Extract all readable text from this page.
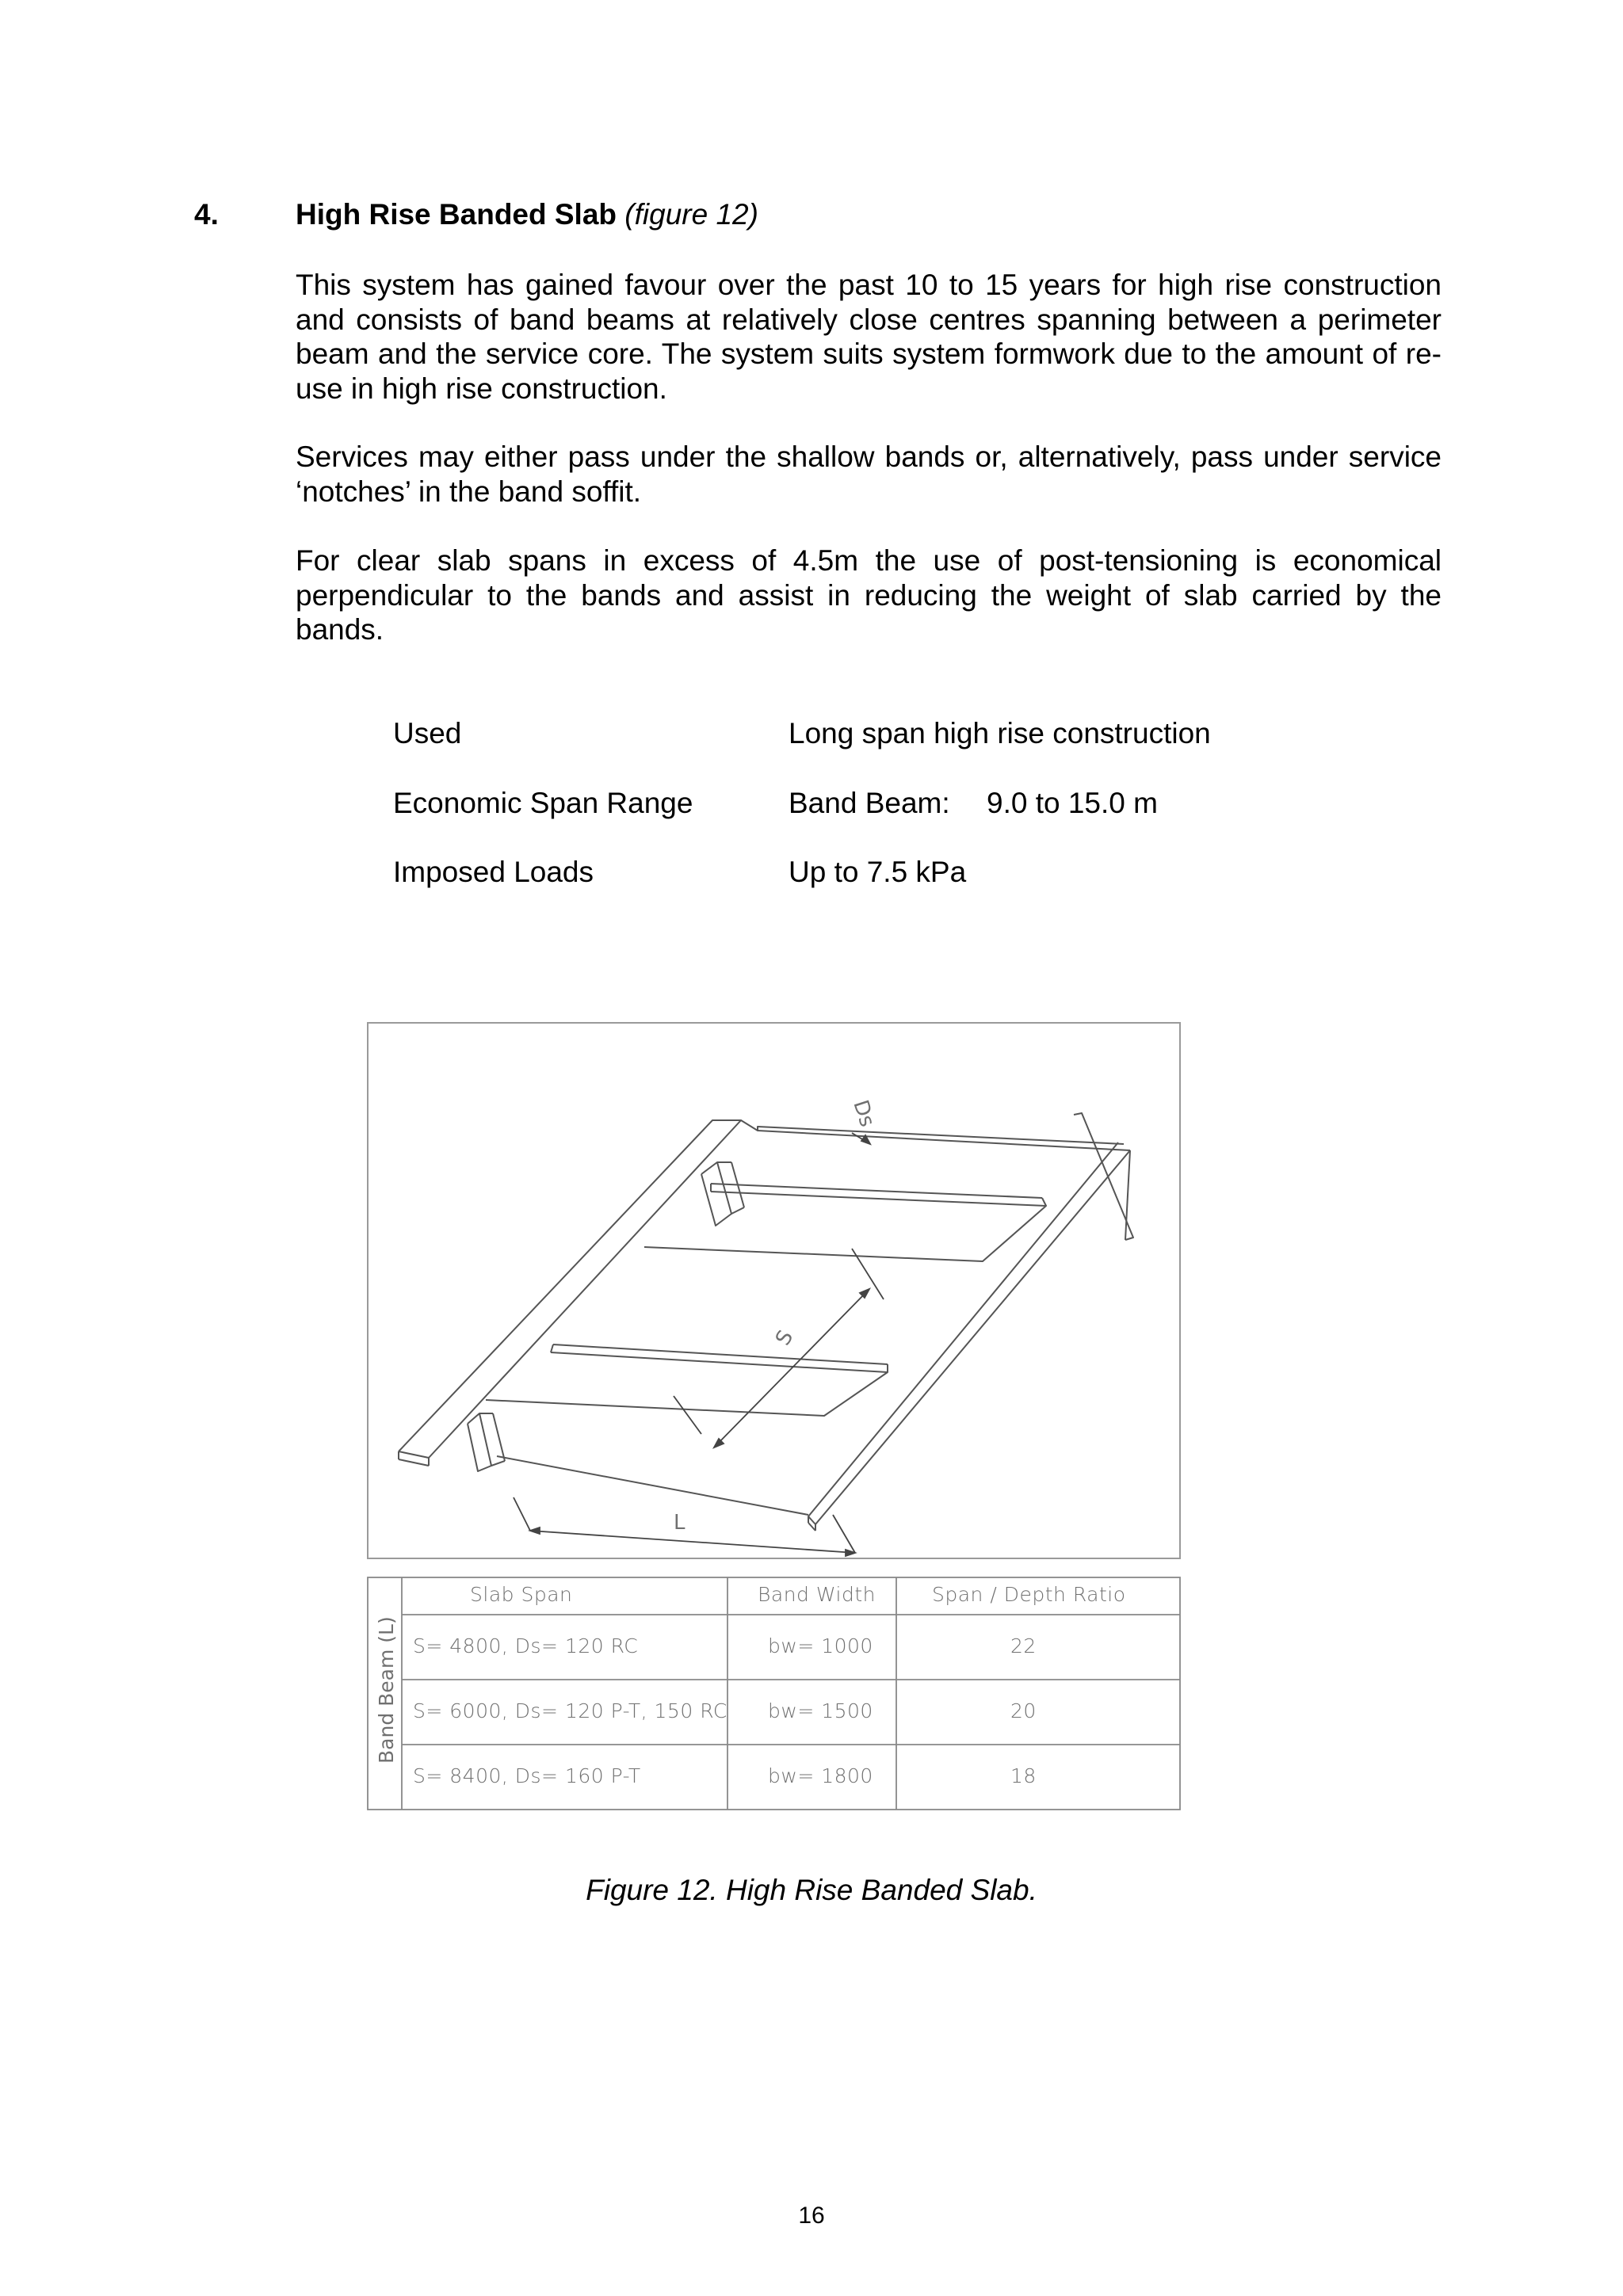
4.	High Rise Banded Slab (figure 12)

This system has gained favour over the past 10 to 15 years for high rise construction and consists of band beams at relatively close centres spanning between a perimeter beam and the service core. The system suits system formwork due to the amount of re-use in high rise construction.

Services may either pass under the shallow bands or, alternatively, pass under service ‘notches’ in the band soffit.

For clear slab spans in excess of 4.5m the use of post-tensioning is economical perpendicular to the bands and assist in reducing the weight of slab carried by the bands.

Used	Long span high rise construction
Economic Span Range	Band Beam: 9.0 to 15.0 m
Imposed Loads	Up to 7.5 kPa
Ds
S
L
Band Beam (L)
Slab Span	Band Width	Span / Depth Ratio
S= 4800, Ds= 120 RC	bw= 1000	22
S= 6000, Ds= 120 P-T, 150 RC bw= 1500	20
S= 8400, Ds= 160 P-T	bw= 1800	18
Figure 12. High Rise Banded Slab.
16
